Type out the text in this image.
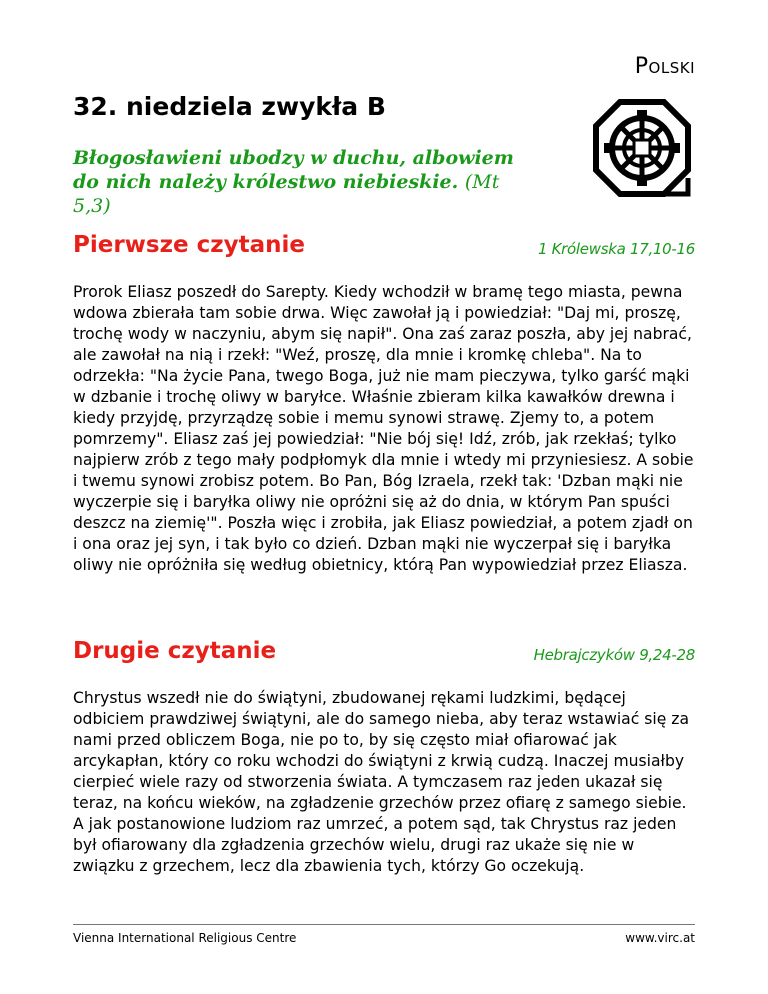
Polski
32. niedziela zwykła B
Błogosławieni ubodzy w duchu, albowiem do nich należy królestwo niebieskie. (Mt 5,3)
Pierwsze czytanie	1 Królewska 17,10-16
Prorok Eliasz poszedł do Sarepty. Kiedy wchodził w bramę tego miasta, pewna wdowa zbierała tam sobie drwa. Więc zawołał ją i powiedział: "Daj mi, proszę, trochę wody w naczyniu, abym się napił". Ona zaś zaraz poszła, aby jej nabrać, ale zawołał na nią i rzekł: "Weź, proszę, dla mnie i kromkę chleba". Na to odrzekła: "Na życie Pana, twego Boga, już nie mam pieczywa, tylko garść mąki w dzbanie i trochę oliwy w baryłce. Właśnie zbieram kilka kawałków drewna i kiedy przyjdę, przyrządzę sobie i memu synowi strawę. Zjemy to, a potem pomrzemy". Eliasz zaś jej powiedział: "Nie bój się! Idź, zrób, jak rzekłaś; tylko najpierw zrób z tego mały podpłomyk dla mnie i wtedy mi przyniesiesz. A sobie i twemu synowi zrobisz potem. Bo Pan, Bóg Izraela, rzekł tak: 'Dzban mąki nie wyczerpie się i baryłka oliwy nie opróżni się aż do dnia, w którym Pan spuści deszcz na ziemię'". Poszła więc i zrobiła, jak Eliasz powiedział, a potem zjadł on i ona oraz jej syn, i tak było co dzień. Dzban mąki nie wyczerpał się i baryłka oliwy nie opróżniła się według obietnicy, którą Pan wypowiedział przez Eliasza.
Drugie czytanie	Hebrajczyków 9,24-28
Chrystus wszedł nie do świątyni, zbudowanej rękami ludzkimi, będącej odbiciem prawdziwej świątyni, ale do samego nieba, aby teraz wstawiać się za nami przed obliczem Boga, nie po to, by się często miał ofiarować jak arcykapłan, który co roku wchodzi do świątyni z krwią cudzą. Inaczej musiałby cierpieć wiele razy od stworzenia świata. A tymczasem raz jeden ukazał się teraz, na końcu wieków, na zgładzenie grzechów przez ofiarę z samego siebie. A jak postanowione ludziom raz umrzeć, a potem sąd, tak Chrystus raz jeden był ofiarowany dla zgładzenia grzechów wielu, drugi raz ukaże się nie w związku z grzechem, lecz dla zbawienia tych, którzy Go oczekują.
Vienna International Religious Centre	www.virc.at
